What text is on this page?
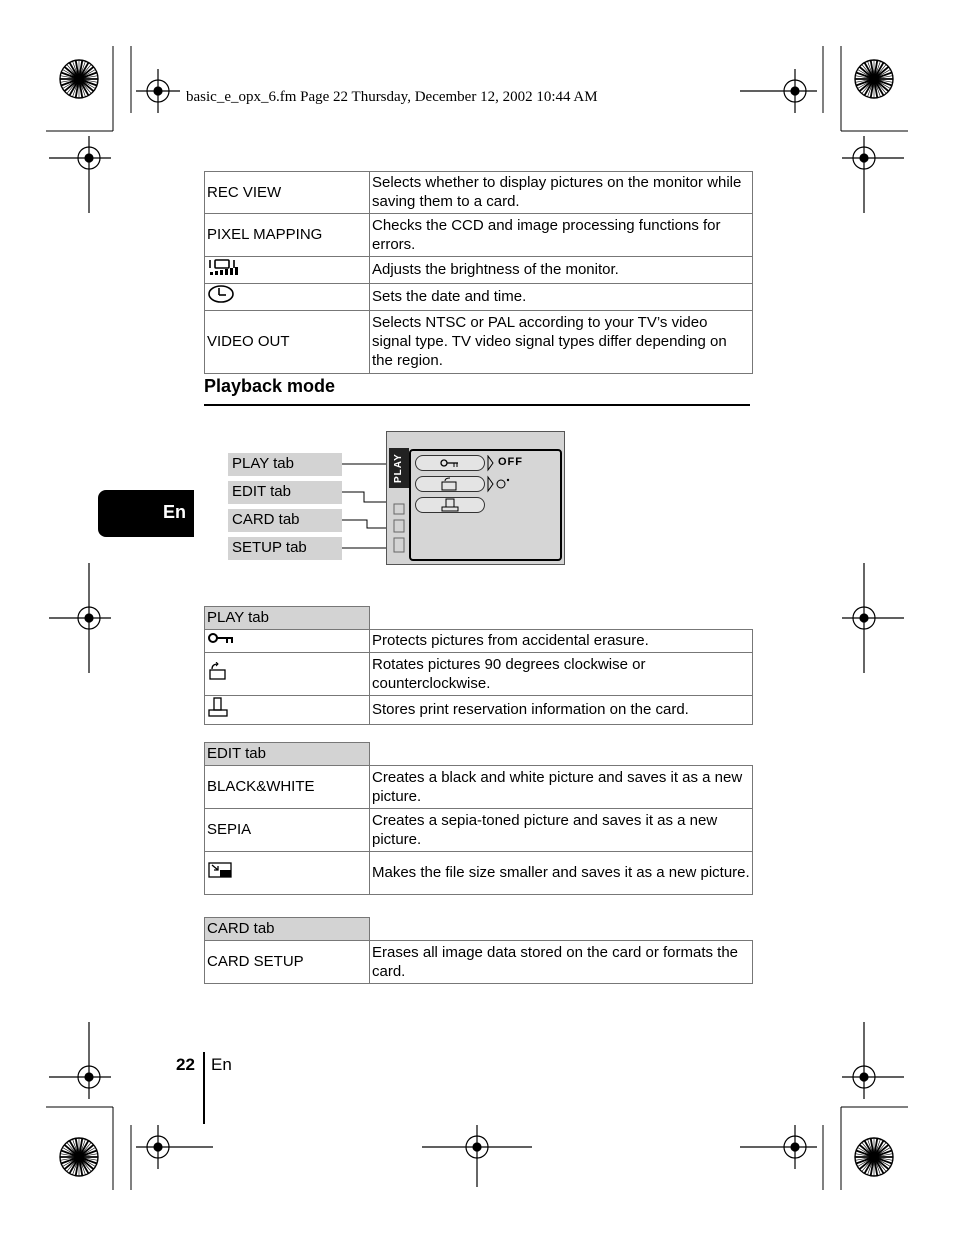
basic_e_opx_6.fm Page 22 Thursday, December 12, 2002 10:44 AM
REC VIEW	Selects whether to display pictures on the monitor while saving them to a card.
PIXEL MAPPING	Checks the CCD and image processing functions for errors.
	Adjusts the brightness of the monitor.
	Sets the date and time.
VIDEO OUT	Selects NTSC or PAL according to your TV’s video signal type. TV video signal types differ depending on the region.
Playback mode
PLAY tab
EDIT tab
CARD tab
SETUP tab
PLAY	OFF
En
PLAY tab	
	Protects pictures from accidental erasure.
	Rotates pictures 90 degrees clockwise or counterclockwise.
	Stores print reservation information on the card.
EDIT tab	
BLACK&WHITE	Creates a black and white picture and saves it as a new picture.
SEPIA	Creates a sepia-toned picture and saves it as a new picture.
	Makes the file size smaller and saves it as a new picture.
CARD tab	
CARD SETUP	Erases all image data stored on the card or formats the card.
22 En
